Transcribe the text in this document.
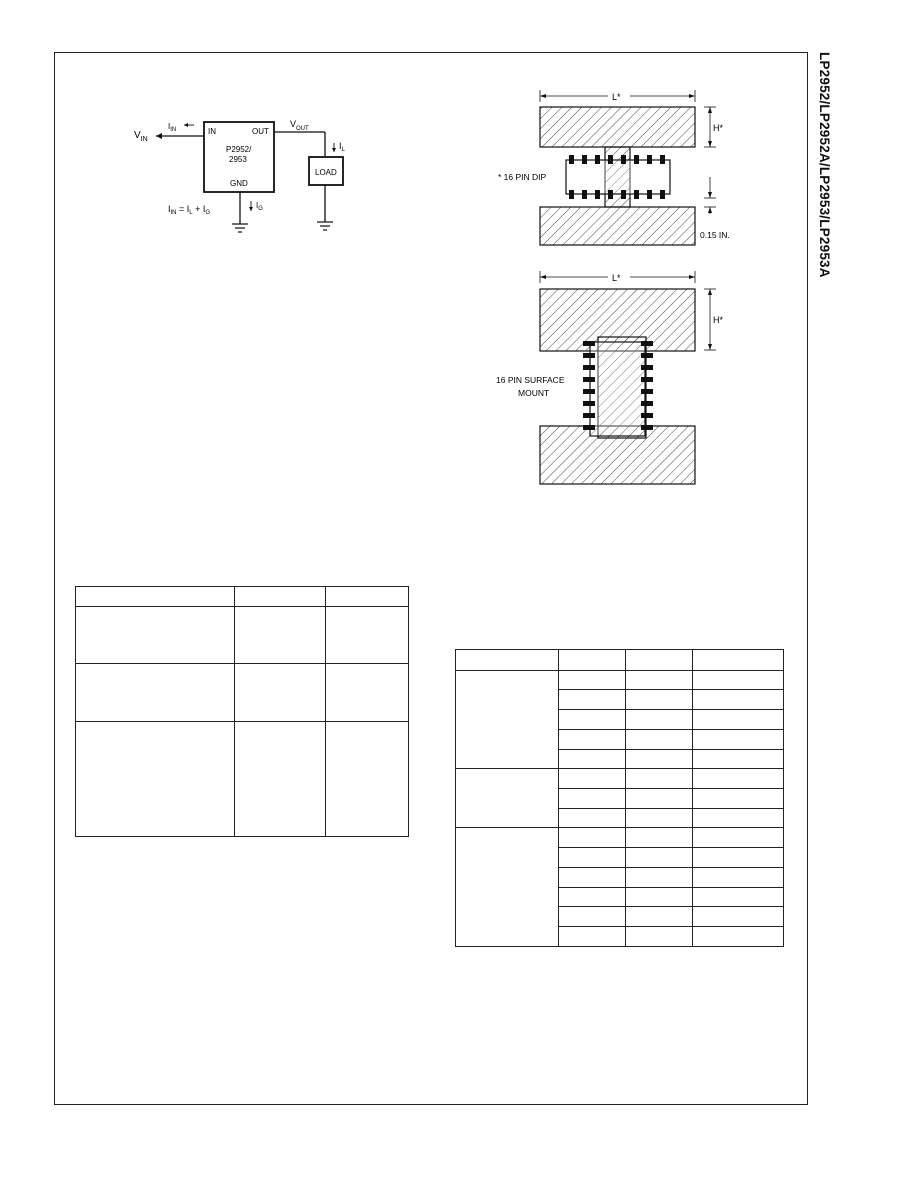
LP2952/LP2952A/LP2953/LP2953A
$V_{IN}$
$I_{IN}$	IN	OUT
P2952/
2953
GND
$V_{OUT}$
$I_L$
LOAD
$I_G$
$I_{IN} = I_L + I_G$
L*
* 16 PIN DIP
H*
0.15 IN.
L*
16 PIN SURFACE
MOUNT
H*
